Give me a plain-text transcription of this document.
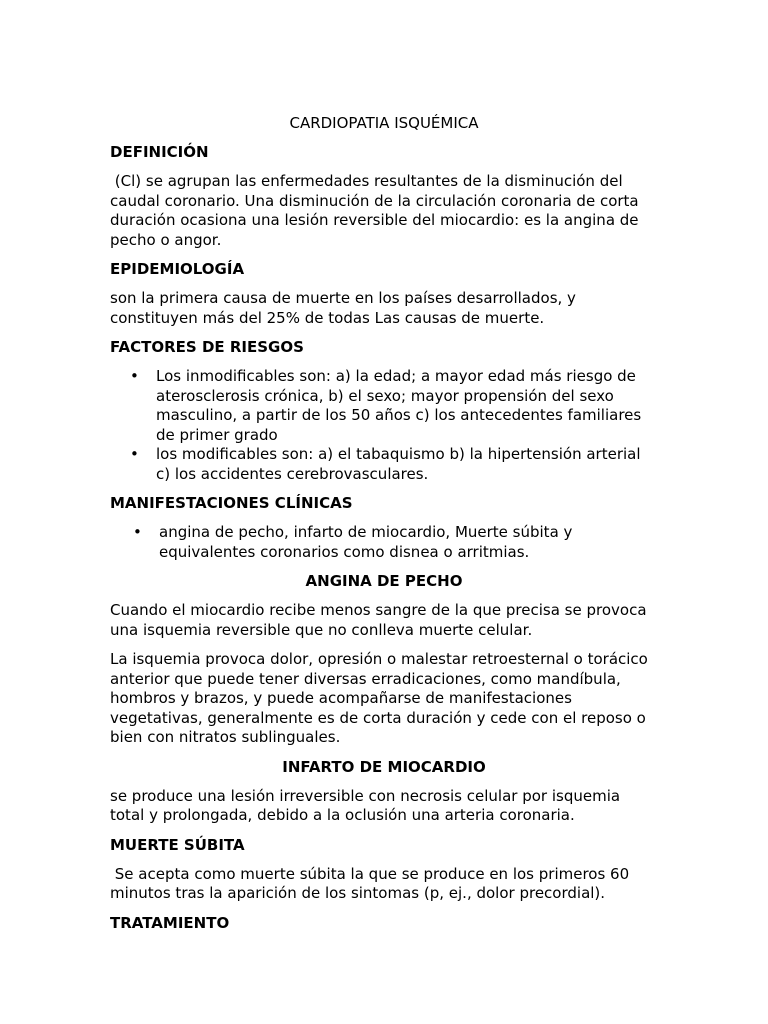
CARDIOPATIA ISQUÉMICA
DEFINICIÓN

(Cl) se agrupan las enfermedades resultantes de la disminución del caudal coronario. Una disminución de la circulación coronaria de corta duración ocasiona una lesión reversible del miocardio: es la angina de pecho o angor.

EPIDEMIOLOGÍA

son la primera causa de muerte en los países desarrollados, y constituyen más del 25% de todas Las causas de muerte.

FACTORES DE RIESGOS
• Los inmodificables son: a) la edad; a mayor edad más riesgo de aterosclerosis crónica, b) el sexo; mayor propensión del sexo masculino, a partir de los 50 años c) los antecedentes familiares de primer grado
• los modificables son: a) el tabaquismo b) la hipertensión arterial c) los accidentes cerebrovasculares.
MANIFESTACIONES CLÍNICAS
• angina de pecho, infarto de miocardio, Muerte súbita y equivalentes coronarios como disnea o arritmias.
ANGINA DE PECHO

Cuando el miocardio recibe menos sangre de la que precisa se provoca una isquemia reversible que no conlleva muerte celular.

La isquemia provoca dolor, opresión o malestar retroesternal o torácico anterior que puede tener diversas erradicaciones, como mandíbula, hombros y brazos, y puede acompañarse de manifestaciones vegetativas, generalmente es de corta duración y cede con el reposo o bien con nitratos sublinguales.

INFARTO DE MIOCARDIO

se produce una lesión irreversible con necrosis celular por isquemia total y prolongada, debido a la oclusión una arteria coronaria.

MUERTE SÚBITA

Se acepta como muerte súbita la que se produce en los primeros 60 minutos tras la aparición de los sintomas (p, ej., dolor precordial).

TRATAMIENTO
